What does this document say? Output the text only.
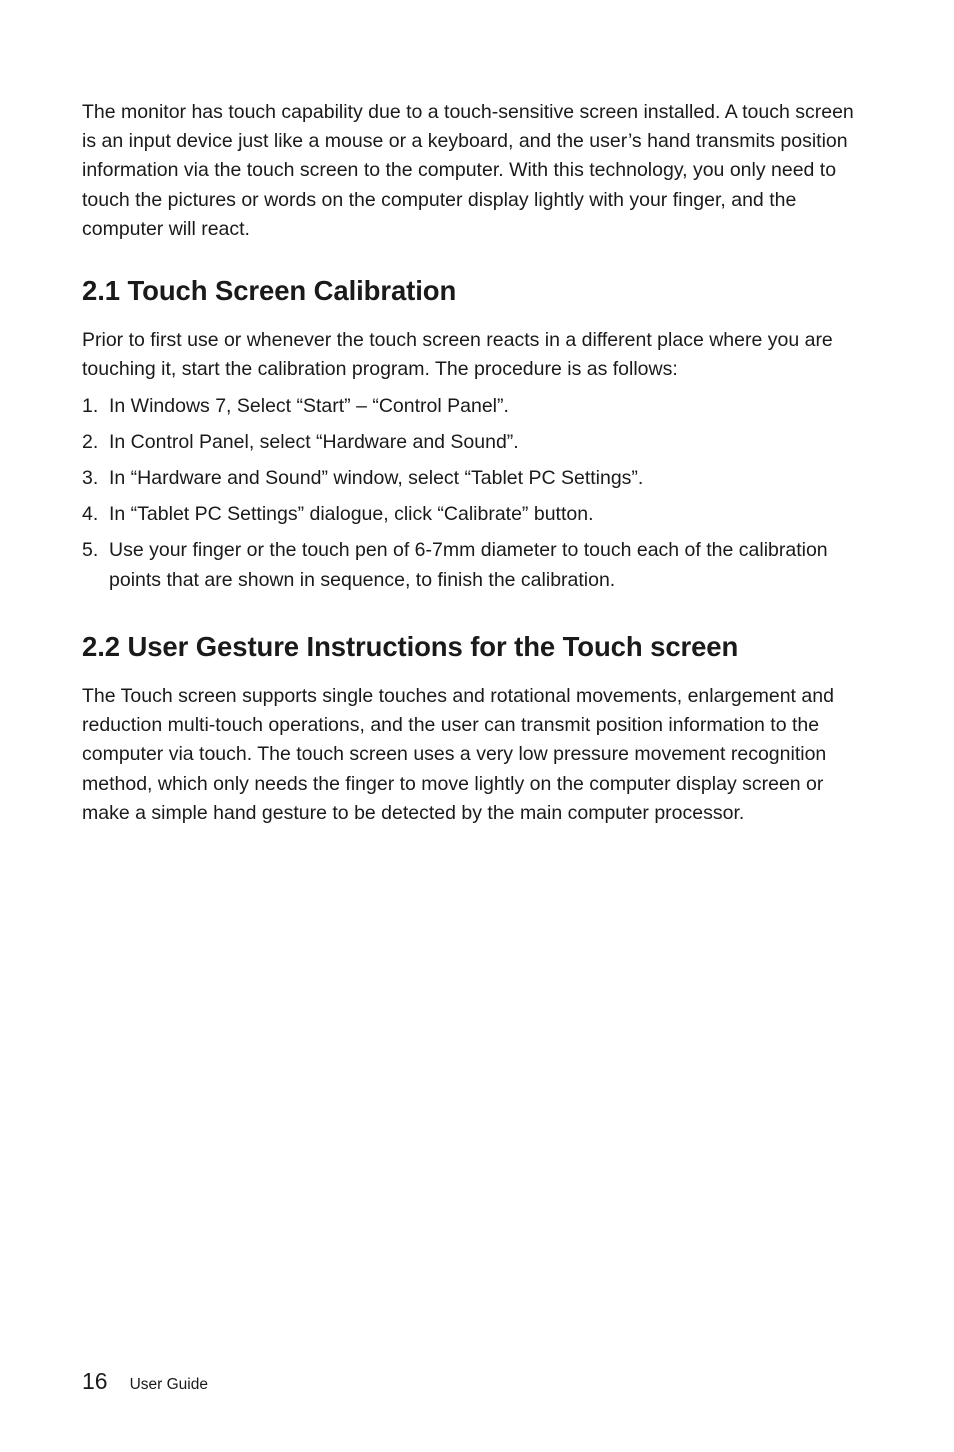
The monitor has touch capability due to a touch-sensitive screen installed. A touch screen is an input device just like a mouse or a keyboard, and the user’s hand transmits position information via the touch screen to the computer. With this technology, you only need to touch the pictures or words on the computer display lightly with your finger, and the computer will react.

2.1 Touch Screen Calibration

Prior to first use or whenever the touch screen reacts in a different place where you are touching it, start the calibration program. The procedure is as follows:

1. In Windows 7, Select “Start” – “Control Panel”.
2. In Control Panel, select “Hardware and Sound”.
3. In “Hardware and Sound” window, select “Tablet PC Settings”.
4. In “Tablet PC Settings” dialogue, click “Calibrate” button.
5. Use your finger or the touch pen of 6-7mm diameter to touch each of the calibration points that are shown in sequence, to finish the calibration.
2.2 User Gesture Instructions for the Touch screen

The Touch screen supports single touches and rotational movements, enlargement and reduction multi-touch operations, and the user can transmit position information to the computer via touch. The touch screen uses a very low pressure movement recognition method, which only needs the finger to move lightly on the computer display screen or make a simple hand gesture to be detected by the main computer processor.

16 User Guide
